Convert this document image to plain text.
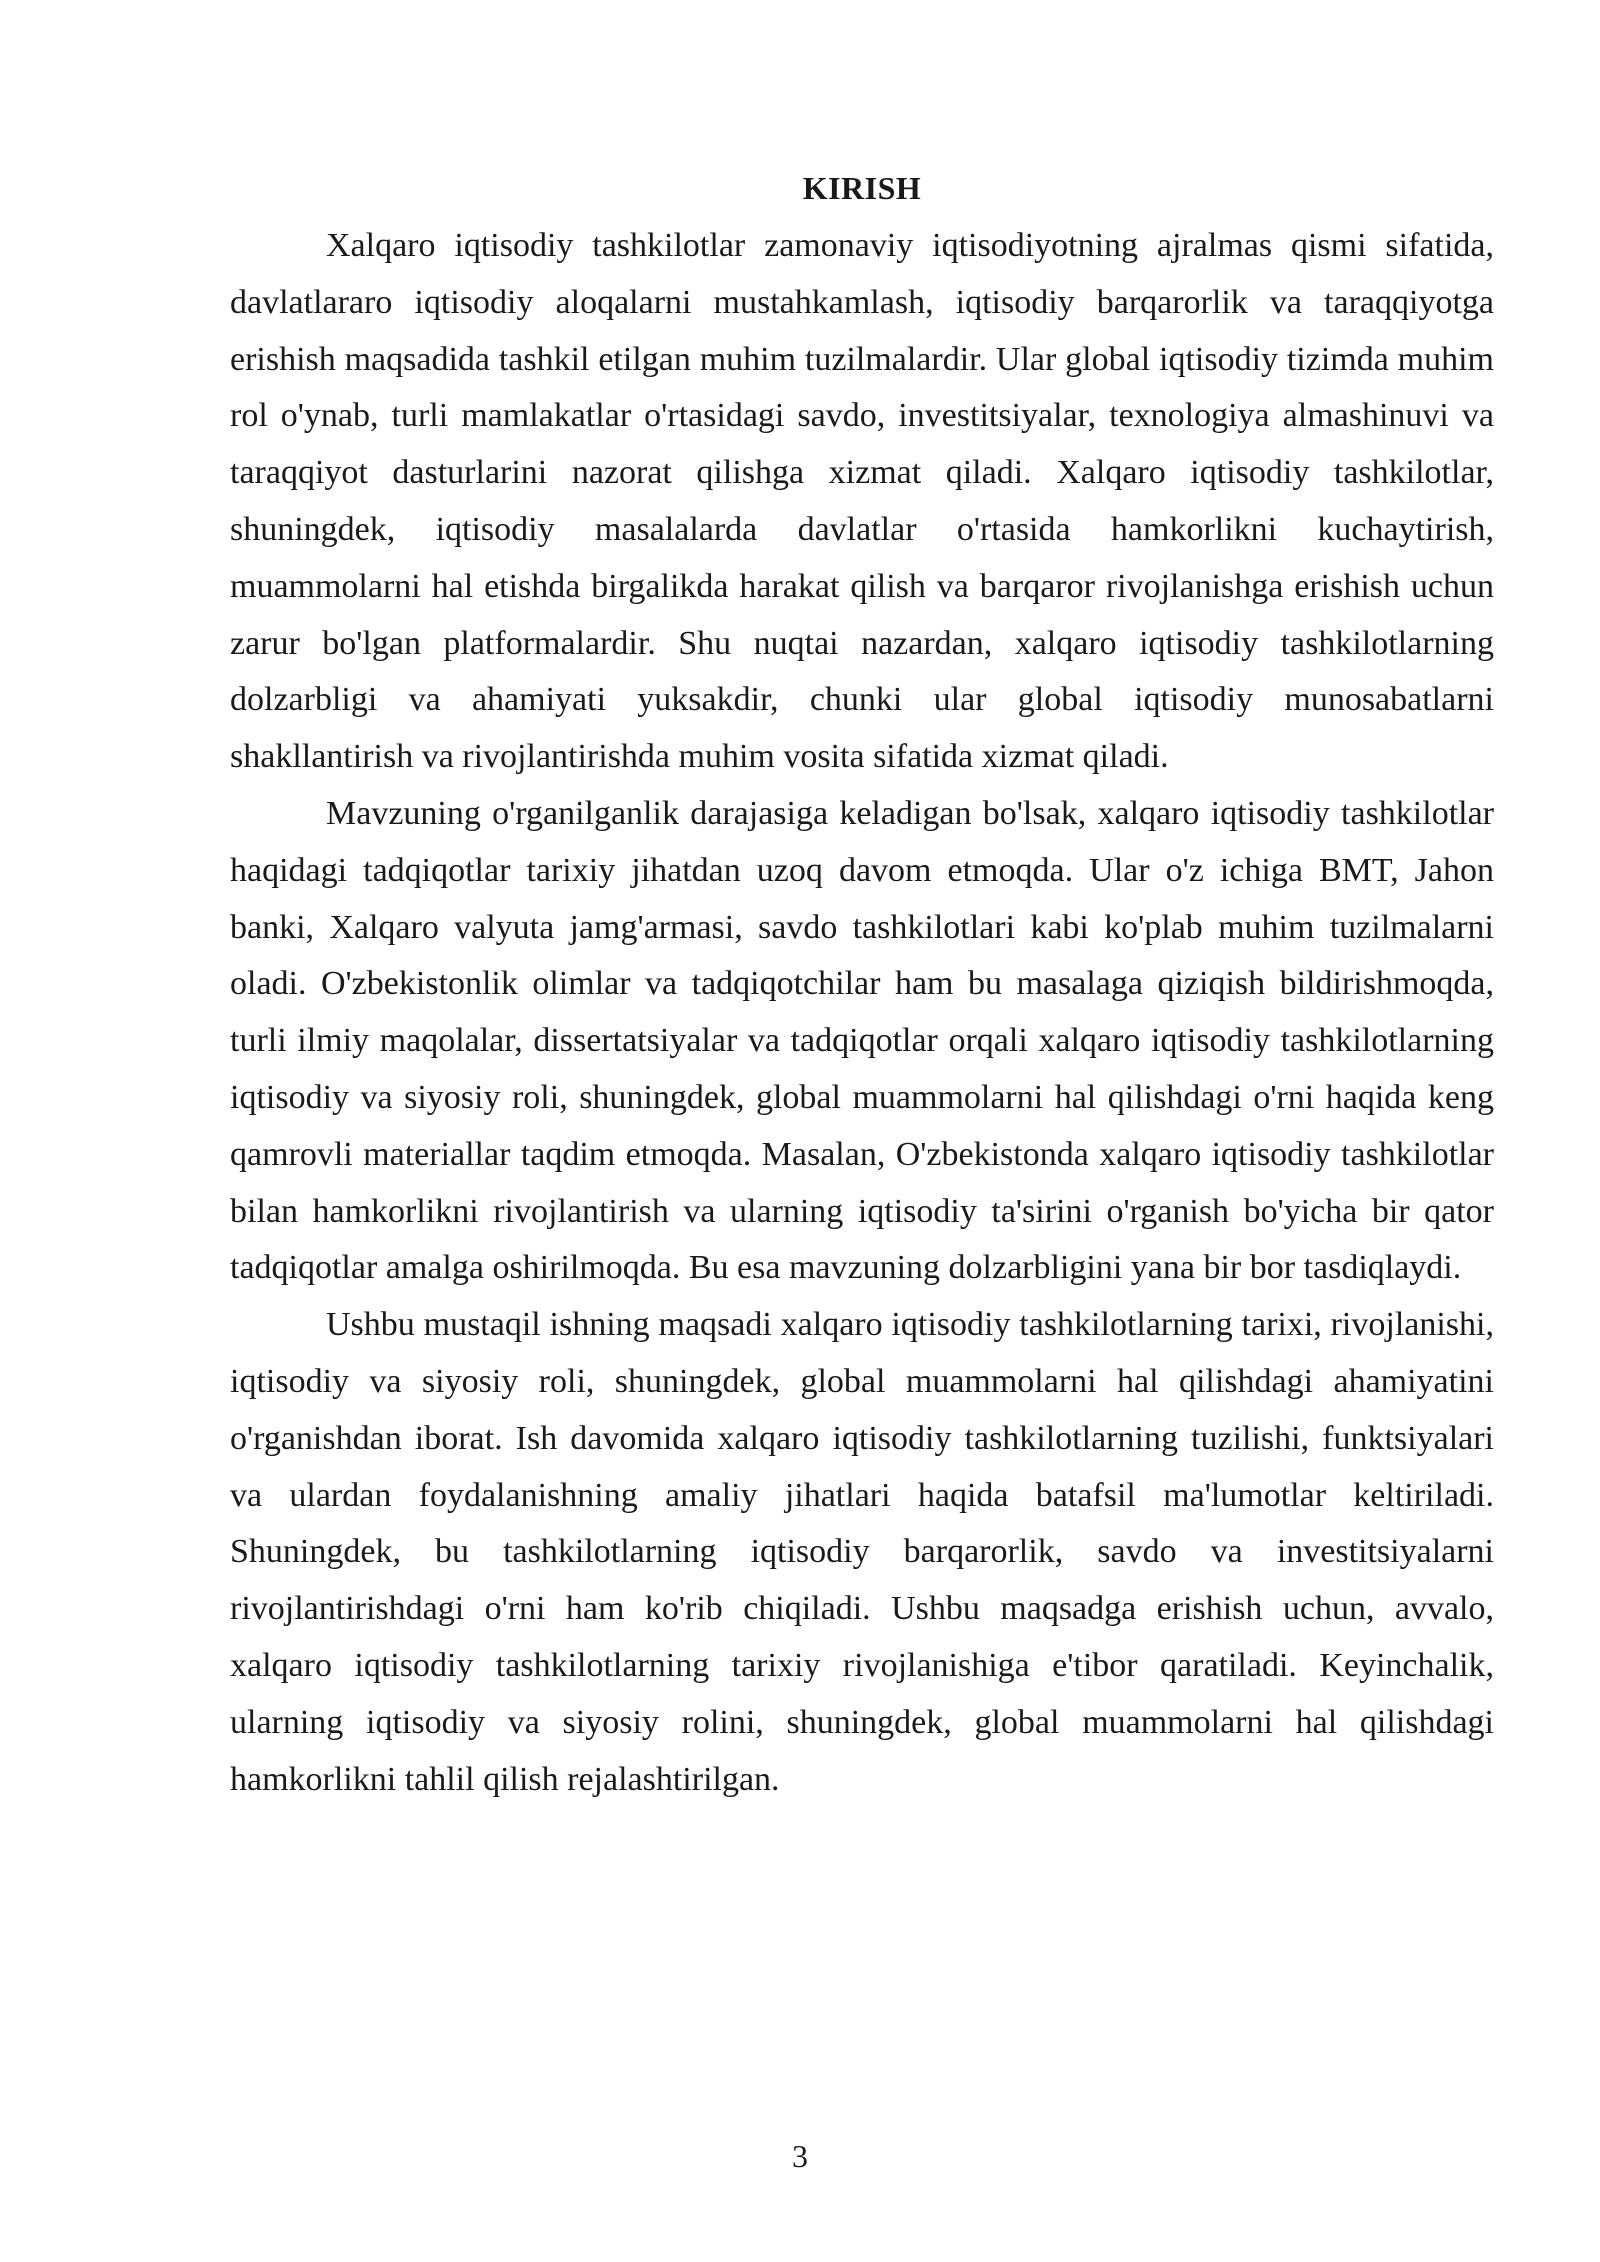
KIRISH

Xalqaro iqtisodiy tashkilotlar zamonaviy iqtisodiyotning ajralmas qismi sifatida, davlatlararo iqtisodiy aloqalarni mustahkamlash, iqtisodiy barqarorlik va taraqqiyotga erishish maqsadida tashkil etilgan muhim tuzilmalardir. Ular global iqtisodiy tizimda muhim rol o'ynab, turli mamlakatlar o'rtasidagi savdo, investitsiyalar, texnologiya almashinuvi va taraqqiyot dasturlarini nazorat qilishga xizmat qiladi. Xalqaro iqtisodiy tashkilotlar, shuningdek, iqtisodiy masalalarda davlatlar o'rtasida hamkorlikni kuchaytirish, muammolarni hal etishda birgalikda harakat qilish va barqaror rivojlanishga erishish uchun zarur bo'lgan platformalardir. Shu nuqtai nazardan, xalqaro iqtisodiy tashkilotlarning dolzarbligi va ahamiyati yuksakdir, chunki ular global iqtisodiy munosabatlarni shakllantirish va rivojlantirishda muhim vosita sifatida xizmat qiladi.

Mavzuning o'rganilganlik darajasiga keladigan bo'lsak, xalqaro iqtisodiy tashkilotlar haqidagi tadqiqotlar tarixiy jihatdan uzoq davom etmoqda. Ular o'z ichiga BMT, Jahon banki, Xalqaro valyuta jamg'armasi, savdo tashkilotlari kabi ko'plab muhim tuzilmalarni oladi. O'zbekistonlik olimlar va tadqiqotchilar ham bu masalaga qiziqish bildirishmoqda, turli ilmiy maqolalar, dissertatsiyalar va tadqiqotlar orqali xalqaro iqtisodiy tashkilotlarning iqtisodiy va siyosiy roli, shuningdek, global muammolarni hal qilishdagi o'rni haqida keng qamrovli materiallar taqdim etmoqda. Masalan, O'zbekistonda xalqaro iqtisodiy tashkilotlar bilan hamkorlikni rivojlantirish va ularning iqtisodiy ta'sirini o'rganish bo'yicha bir qator tadqiqotlar amalga oshirilmoqda. Bu esa mavzuning dolzarbligini yana bir bor tasdiqlaydi.

Ushbu mustaqil ishning maqsadi xalqaro iqtisodiy tashkilotlarning tarixi, rivojlanishi, iqtisodiy va siyosiy roli, shuningdek, global muammolarni hal qilishdagi ahamiyatini o'rganishdan iborat. Ish davomida xalqaro iqtisodiy tashkilotlarning tuzilishi, funktsiyalari va ulardan foydalanishning amaliy jihatlari haqida batafsil ma'lumotlar keltiriladi. Shuningdek, bu tashkilotlarning iqtisodiy barqarorlik, savdo va investitsiyalarni rivojlantirishdagi o'rni ham ko'rib chiqiladi. Ushbu maqsadga erishish uchun, avvalo, xalqaro iqtisodiy tashkilotlarning tarixiy rivojlanishiga e'tibor qaratiladi. Keyinchalik, ularning iqtisodiy va siyosiy rolini, shuningdek, global muammolarni hal qilishdagi hamkorlikni tahlil qilish rejalashtirilgan.

3
